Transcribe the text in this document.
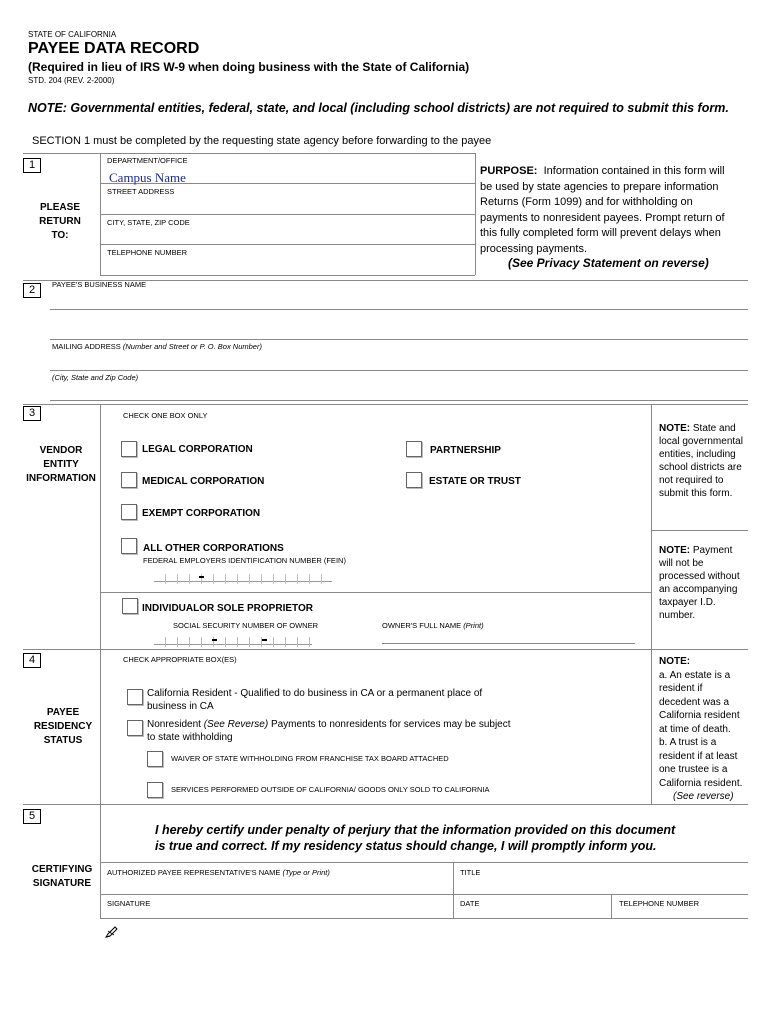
STATE OF CALIFORNIA
PAYEE DATA RECORD
(Required in lieu of IRS W-9 when doing business with the State of California)
STD. 204 (REV. 2-2000)
NOTE: Governmental entities, federal, state, and local (including school districts) are not required to submit this form.
SECTION 1 must be completed by the requesting state agency before forwarding to the payee
1
PLEASE
RETURN
TO:
DEPARTMENT/OFFICE
Campus Name
STREET ADDRESS
CITY, STATE, ZIP CODE
TELEPHONE NUMBER
PURPOSE: Information contained in this form will
be used by state agencies to prepare information
Returns (Form 1099) and for withholding on
payments to nonresident payees. Prompt return of
this fully completed form will prevent delays when
processing payments.
(See Privacy Statement on reverse)
2	PAYEE'S BUSINESS NAME
MAILING ADDRESS (Number and Street or P. O. Box Number)
(City, State and Zip Code)
3	CHECK ONE BOX ONLY
VENDOR
ENTITY
INFORMATION
LEGAL CORPORATION	PARTNERSHIP
MEDICAL CORPORATION	ESTATE OR TRUST
EXEMPT CORPORATION
ALL OTHER CORPORATIONS
FEDERAL EMPLOYERS IDENTIFICATION NUMBER (FEIN)
INDIVIDUALOR SOLE PROPRIETOR
SOCIAL SECURITY NUMBER OF OWNER	OWNER'S FULL NAME (Print)
NOTE: State and
local governmental
entities, including
school districts are
not required to
submit this form.
NOTE: Payment
will not be
processed without
an accompanying
taxpayer I.D.
number.
4	CHECK APPROPRIATE BOX(ES)
PAYEE
RESIDENCY
STATUS
California Resident - Qualified to do business in CA or a permanent place of
business in CA
Nonresident (See Reverse) Payments to nonresidents for services may be subject
to state withholding
WAIVER OF STATE WITHHOLDING FROM FRANCHISE TAX BOARD ATTACHED
SERVICES PERFORMED OUTSIDE OF CALIFORNIA/ GOODS ONLY SOLD TO CALIFORNIA
NOTE:
a. An estate is a
resident if
decedent was a
California resident
at time of death.
b. A trust is a
resident if at least
one trustee is a
California resident.
(See reverse)
5
I hereby certify under penalty of perjury that the information provided on this document
is true and correct. If my residency status should change, I will promptly inform you.
CERTIFYING
SIGNATURE
AUTHORIZED PAYEE REPRESENTATIVE'S NAME (Type or Print)	TITLE
SIGNATURE	DATE	TELEPHONE NUMBER
